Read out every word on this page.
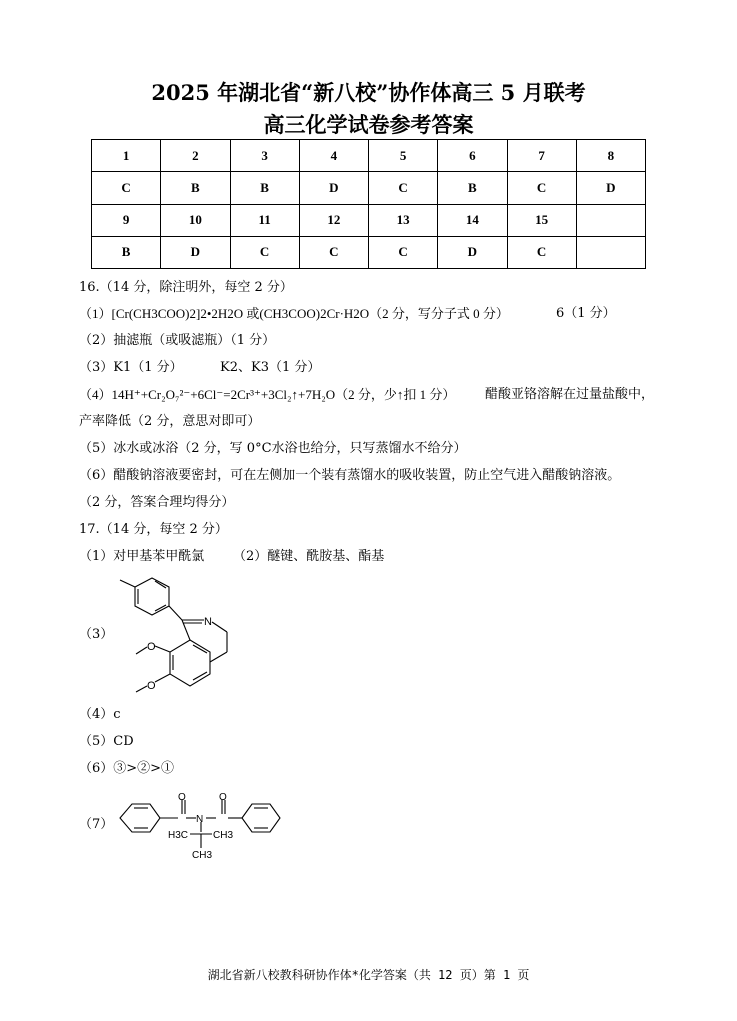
2025 年湖北省“新八校”协作体高三 5 月联考
高三化学试卷参考答案
1	2	3	4	5	6	7	8
C	B	B	D	C	B	C	D
9	10	11	12	13	14	15	
B	D	C	C	C	D	C	
16.（14 分，除注明外，每空 2 分）
（1）[Cr(CH3COO)2]2•2H2O 或(CH3COO)2Cr·H2O（2 分，写分子式 0 分）	6（1 分）
（2）抽滤瓶（或吸滤瓶）（1 分）
（3）K1（1 分）	K2、K3（1 分）
（4）14H⁺+Cr₂O₇²⁻+6Cl⁻=2Cr³⁺+3Cl₂↑+7H₂O（2 分，少↑扣 1 分） 醋酸亚铬溶解在过量盐酸中，
产率降低（2 分，意思对即可）
（5）冰水或冰浴（2 分，写 0°C水浴也给分，只写蒸馏水不给分）
（6）醋酸钠溶液要密封，可在左侧加一个装有蒸馏水的吸收装置，防止空气进入醋酸钠溶液。
（2 分，答案合理均得分）
17.（14 分，每空 2 分）
（1）对甲基苯甲酰氯 （2）醚键、酰胺基、酯基
（3）
N
O
O
（4）c
（5）CD
（6）③>②>①
（7）
O	O
N
H3C CH3
CH3
湖北省新八校教科研协作体*化学答案（共 12 页）第 1 页
